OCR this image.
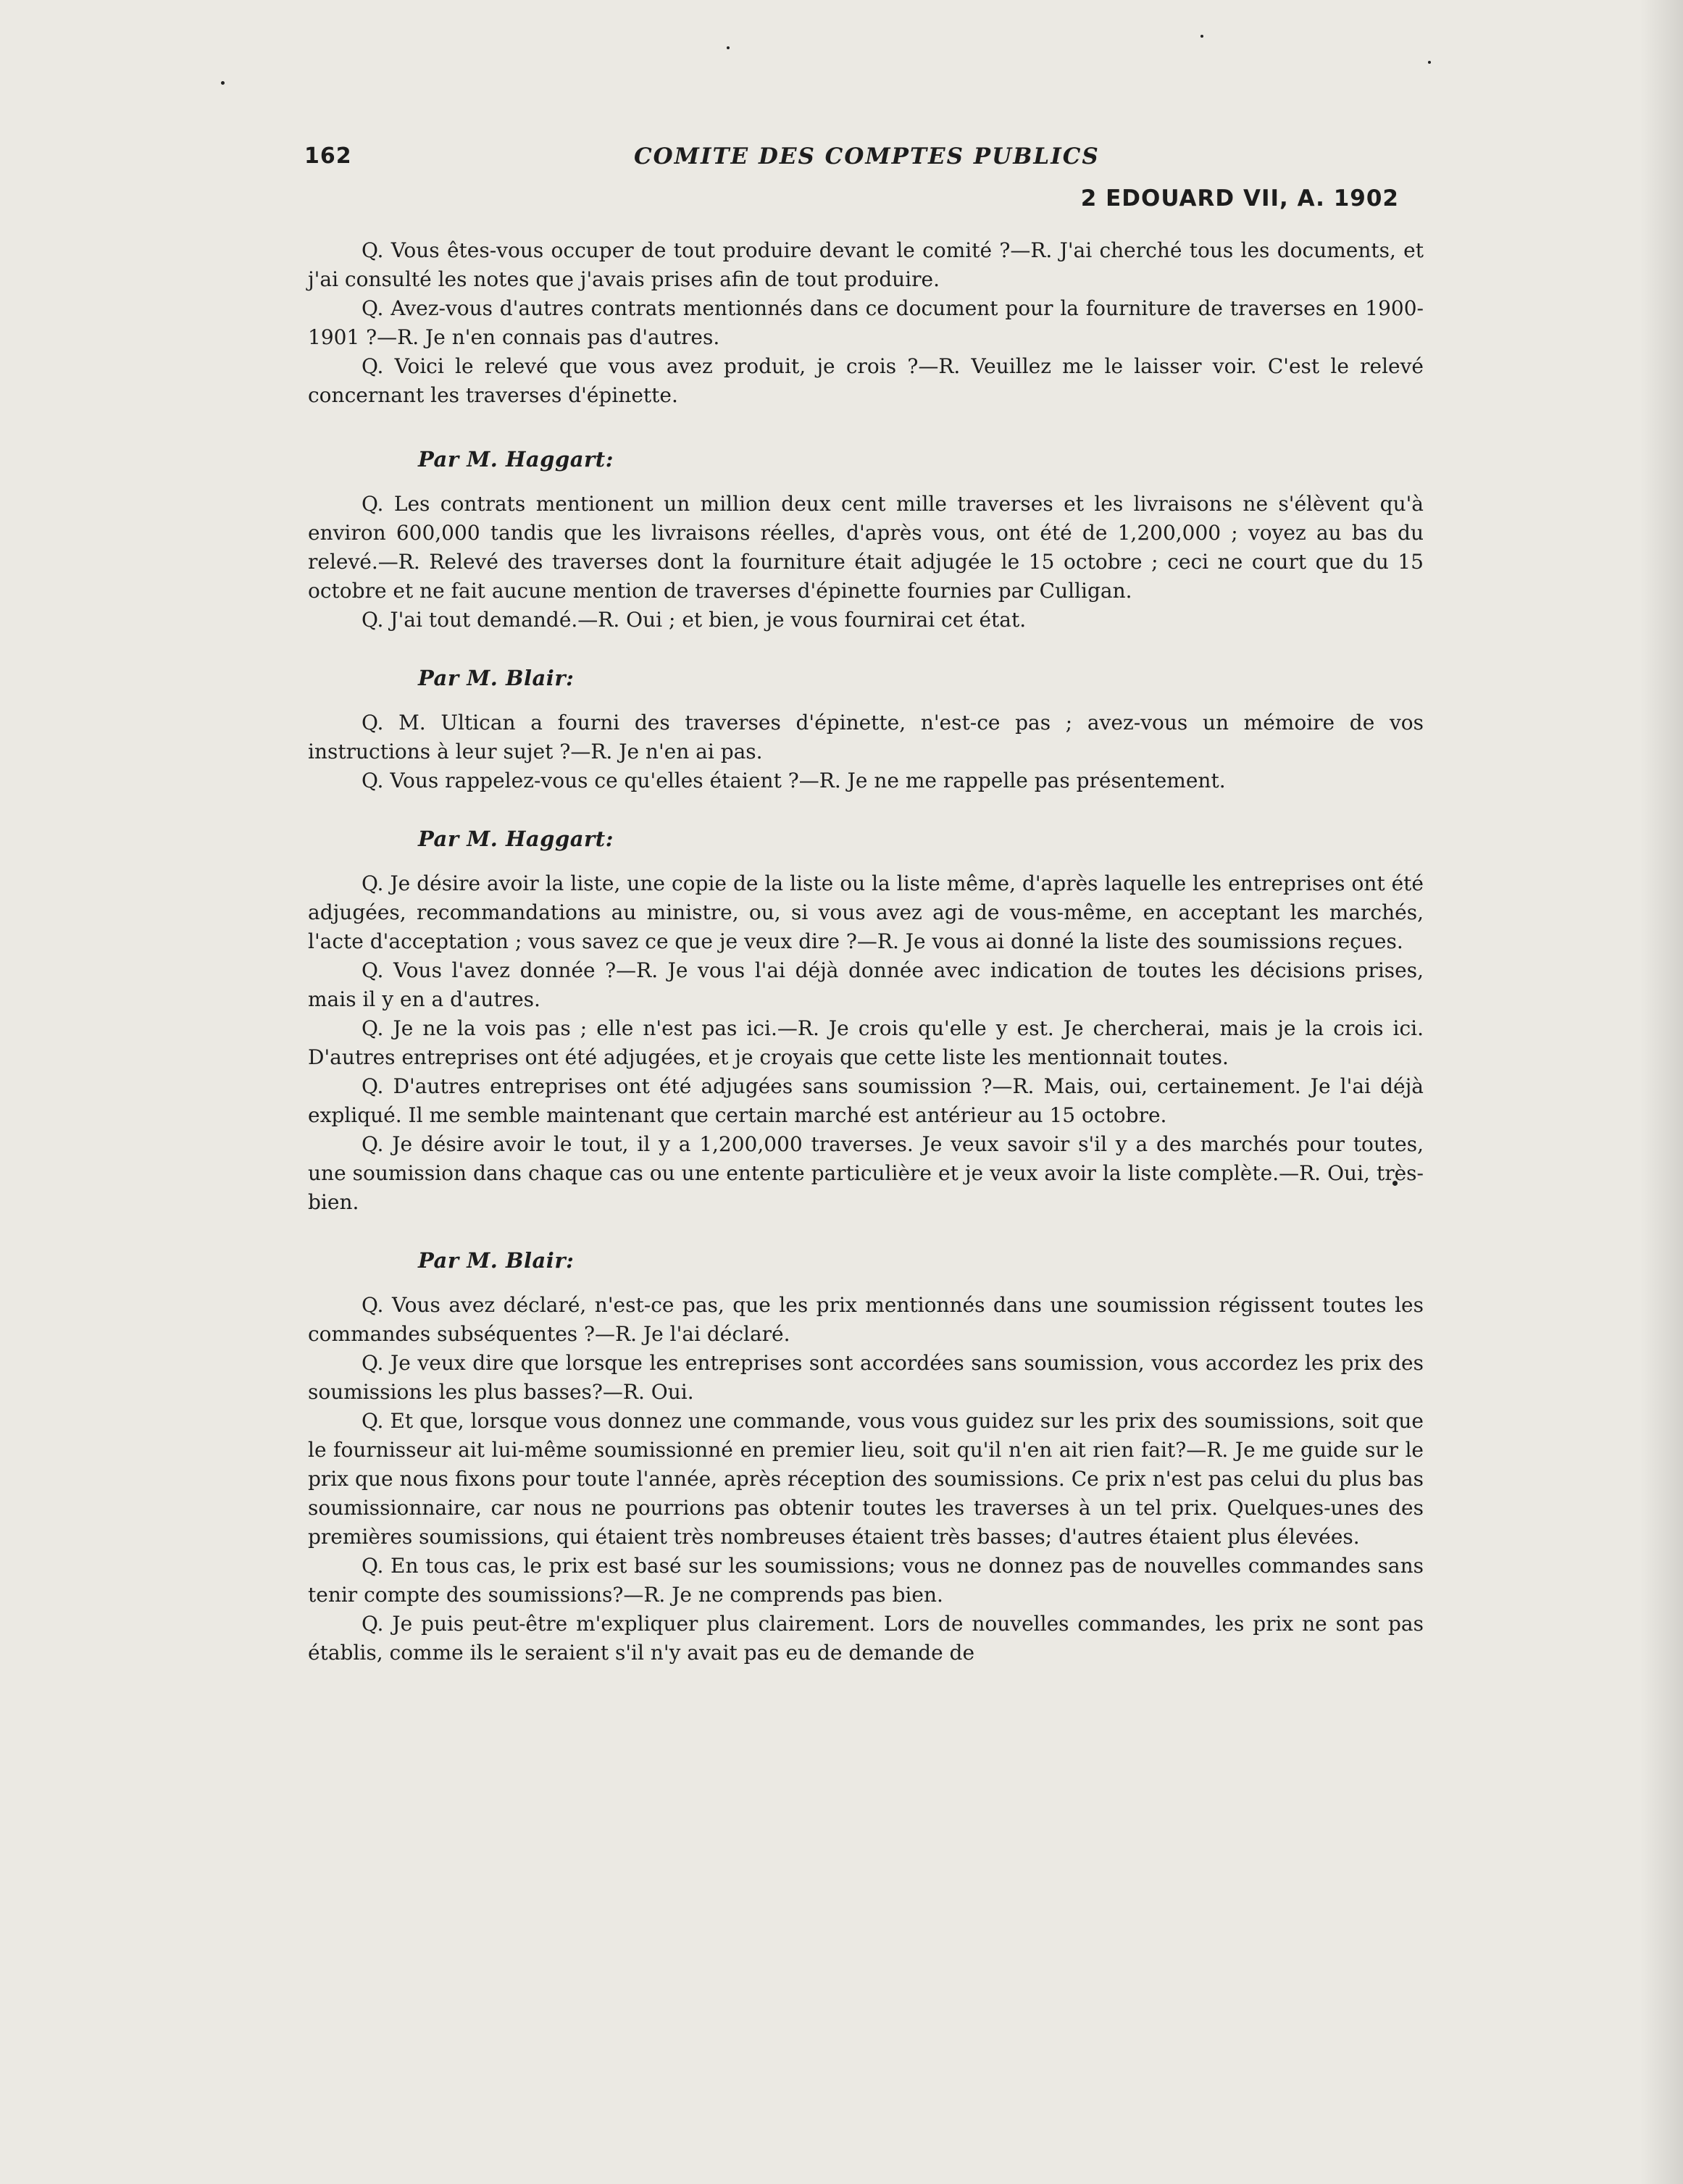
162	COMITE DES COMPTES PUBLICS
2 EDOUARD VII, A. 1902

Q. Vous êtes-vous occuper de tout produire devant le comité ?—R. J'ai cherché tous les documents, et j'ai consulté les notes que j'avais prises afin de tout produire.

Q. Avez-vous d'autres contrats mentionnés dans ce document pour la fourniture de traverses en 1900-1901 ?—R. Je n'en connais pas d'autres.

Q. Voici le relevé que vous avez produit, je crois ?—R. Veuillez me le laisser voir. C'est le relevé concernant les traverses d'épinette.

Par M. Haggart:

Q. Les contrats mentionent un million deux cent mille traverses et les livraisons ne s'élèvent qu'à environ 600,000 tandis que les livraisons réelles, d'après vous, ont été de 1,200,000 ; voyez au bas du relevé.—R. Relevé des traverses dont la fourniture était adjugée le 15 octobre ; ceci ne court que du 15 octobre et ne fait aucune mention de traverses d'épinette fournies par Culligan.

Q. J'ai tout demandé.—R. Oui ; et bien, je vous fournirai cet état.

Par M. Blair:

Q. M. Ultican a fourni des traverses d'épinette, n'est-ce pas ; avez-vous un mémoire de vos instructions à leur sujet ?—R. Je n'en ai pas.

Q. Vous rappelez-vous ce qu'elles étaient ?—R. Je ne me rappelle pas présentement.

Par M. Haggart:

Q. Je désire avoir la liste, une copie de la liste ou la liste même, d'après laquelle les entreprises ont été adjugées, recommandations au ministre, ou, si vous avez agi de vous-même, en acceptant les marchés, l'acte d'acceptation ; vous savez ce que je veux dire ?—R. Je vous ai donné la liste des soumissions reçues.

Q. Vous l'avez donnée ?—R. Je vous l'ai déjà donnée avec indication de toutes les décisions prises, mais il y en a d'autres.

Q. Je ne la vois pas ; elle n'est pas ici.—R. Je crois qu'elle y est. Je chercherai, mais je la crois ici. D'autres entreprises ont été adjugées, et je croyais que cette liste les mentionnait toutes.

Q. D'autres entreprises ont été adjugées sans soumission ?—R. Mais, oui, certainement. Je l'ai déjà expliqué. Il me semble maintenant que certain marché est antérieur au 15 octobre.

Q. Je désire avoir le tout, il y a 1,200,000 traverses. Je veux savoir s'il y a des marchés pour toutes, une soumission dans chaque cas ou une entente particulière et je veux avoir la liste complète.—R. Oui, très-bien.

Par M. Blair:

Q. Vous avez déclaré, n'est-ce pas, que les prix mentionnés dans une soumission régissent toutes les commandes subséquentes ?—R. Je l'ai déclaré.

Q. Je veux dire que lorsque les entreprises sont accordées sans soumission, vous accordez les prix des soumissions les plus basses?—R. Oui.

Q. Et que, lorsque vous donnez une commande, vous vous guidez sur les prix des soumissions, soit que le fournisseur ait lui-même soumissionné en premier lieu, soit qu'il n'en ait rien fait?—R. Je me guide sur le prix que nous fixons pour toute l'année, après réception des soumissions. Ce prix n'est pas celui du plus bas soumissionnaire, car nous ne pourrions pas obtenir toutes les traverses à un tel prix. Quelques-unes des premières soumissions, qui étaient très nombreuses étaient très basses; d'autres étaient plus élevées.

Q. En tous cas, le prix est basé sur les soumissions; vous ne donnez pas de nouvelles commandes sans tenir compte des soumissions?—R. Je ne comprends pas bien.

Q. Je puis peut-être m'expliquer plus clairement. Lors de nouvelles commandes, les prix ne sont pas établis, comme ils le seraient s'il n'y avait pas eu de demande de
